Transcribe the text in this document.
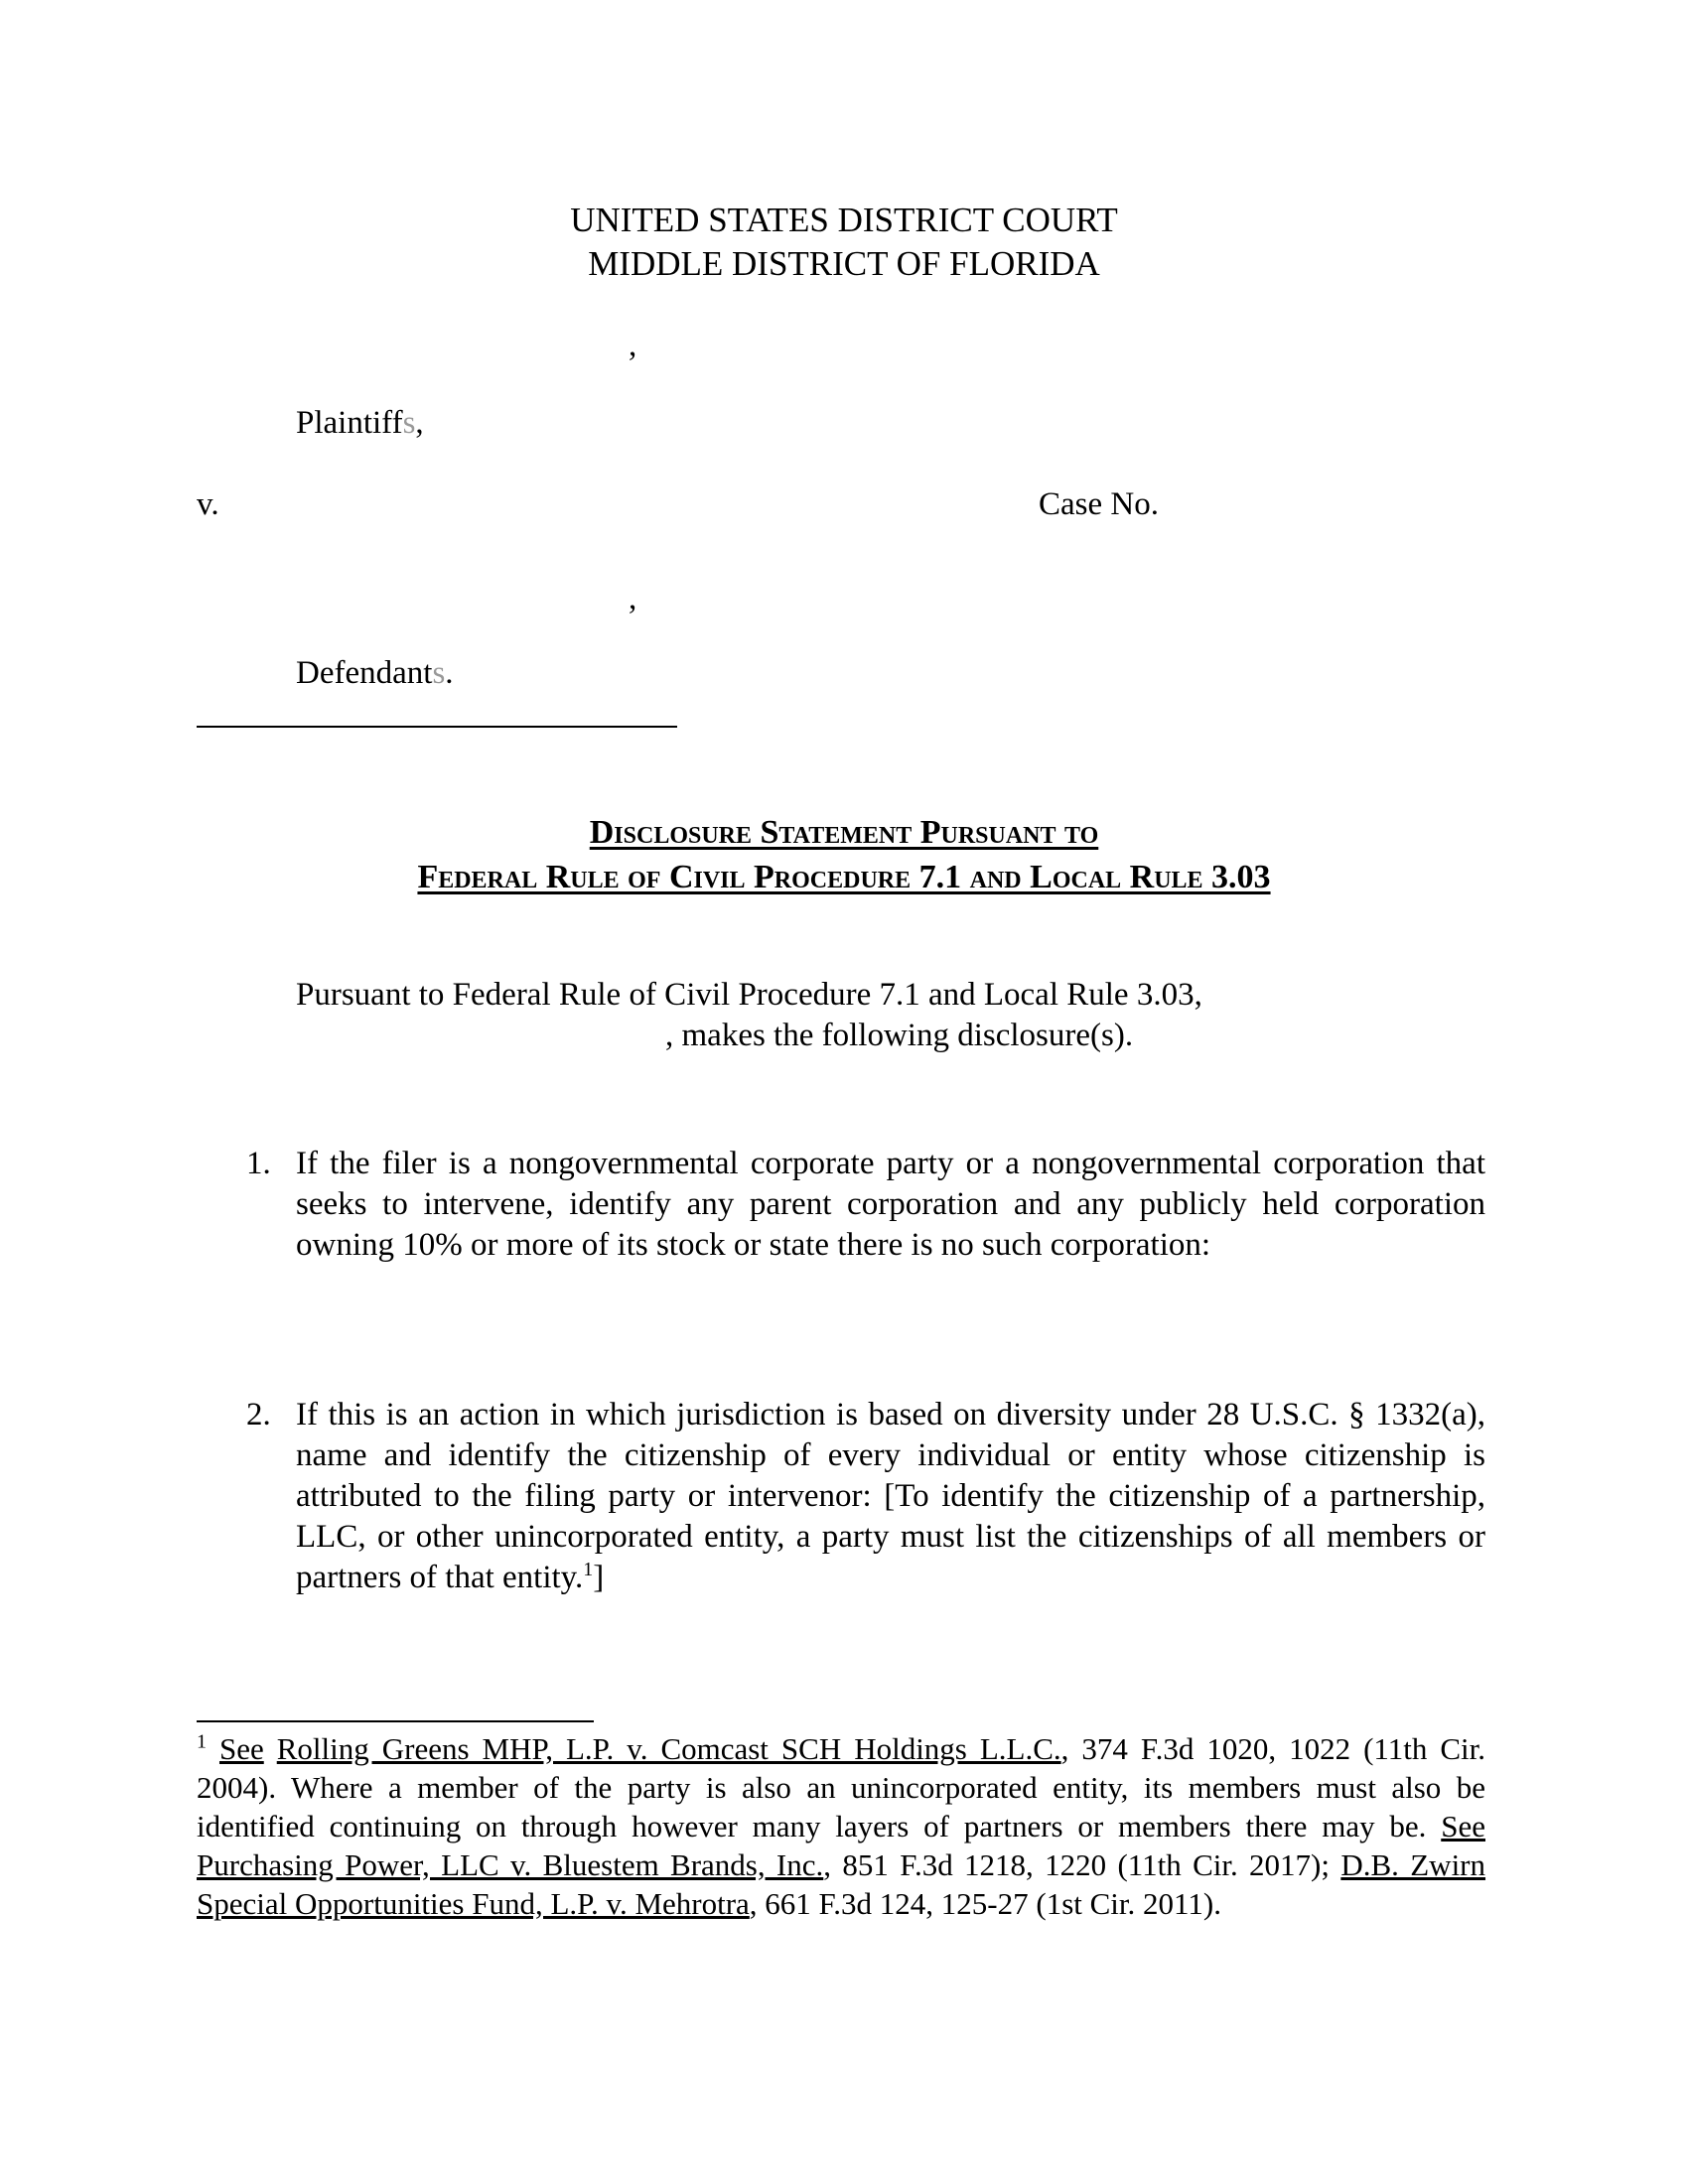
UNITED STATES DISTRICT COURT
MIDDLE DISTRICT OF FLORIDA
,
Plaintiffs,
v.	Case No.
,
Defendants.
Disclosure Statement Pursuant to
Federal Rule of Civil Procedure 7.1 and Local Rule 3.03
Pursuant to Federal Rule of Civil Procedure 7.1 and Local Rule 3.03,
, makes the following disclosure(s).
1. If the filer is a nongovernmental corporate party or a nongovernmental corporation that seeks to intervene, identify any parent corporation and any publicly held corporation owning 10% or more of its stock or state there is no such corporation:
2. If this is an action in which jurisdiction is based on diversity under 28 U.S.C. § 1332(a), name and identify the citizenship of every individual or entity whose citizenship is attributed to the filing party or intervenor: [To identify the citizenship of a partnership, LLC, or other unincorporated entity, a party must list the citizenships of all members or partners of that entity.$^1$]
$^1$ See Rolling Greens MHP, L.P. v. Comcast SCH Holdings L.L.C., 374 F.3d 1020, 1022 (11th Cir. 2004). Where a member of the party is also an unincorporated entity, its members must also be identified continuing on through however many layers of partners or members there may be. See Purchasing Power, LLC v. Bluestem Brands, Inc., 851 F.3d 1218, 1220 (11th Cir. 2017); D.B. Zwirn Special Opportunities Fund, L.P. v. Mehrotra, 661 F.3d 124, 125-27 (1st Cir. 2011).
